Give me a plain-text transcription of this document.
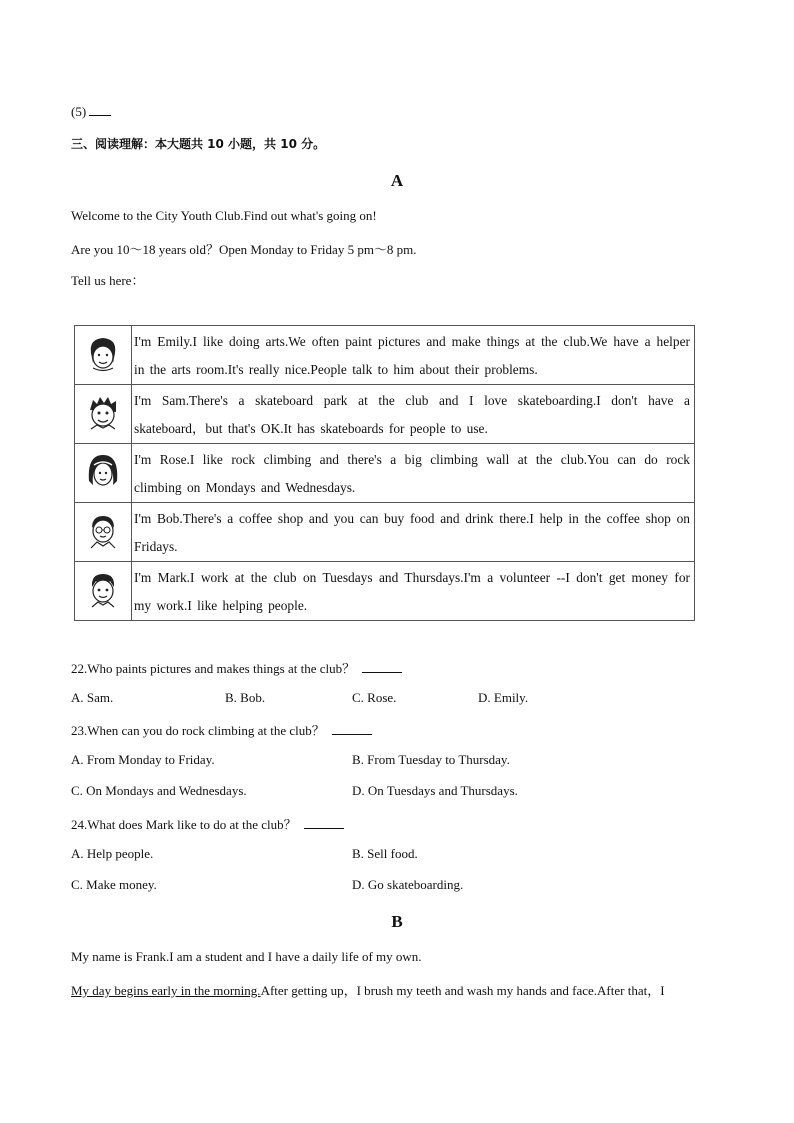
(5)
三、阅读理解：本大题共 10 小题，共 10 分。
A
Welcome to the City Youth Club.Find out what's going on!
Are you 10～18 years old？Open Monday to Friday 5 pm～8 pm.
Tell us here：
	I'm Emily.I like doing arts.We often paint pictures and make things at the club.We have a helper in the arts room.It's really nice.People talk to him about their problems.
	I'm Sam.There's a skateboard park at the club and I love skateboarding.I don't have a skateboard，but that's OK.It has skateboards for people to use.
	I'm Rose.I like rock climbing and there's a big climbing wall at the club.You can do rock climbing on Mondays and Wednesdays.
	I'm Bob.There's a coffee shop and you can buy food and drink there.I help in the coffee shop on Fridays.
	I'm Mark.I work at the club on Tuesdays and Thursdays.I'm a volunteer --I don't get money for my work.I like helping people.
22.Who paints pictures and makes things at the club？
A. Sam.	B. Bob.	C. Rose.	D. Emily.
23.When can you do rock climbing at the club？
A. From Monday to Friday.	B. From Tuesday to Thursday.
C. On Mondays and Wednesdays.	D. On Tuesdays and Thursdays.
24.What does Mark like to do at the club？
A. Help people.	B. Sell food.
C. Make money.	D. Go skateboarding.
B
My name is Frank.I am a student and I have a daily life of my own.
My day begins early in the morning.After getting up，I brush my teeth and wash my hands and face.After that，I
